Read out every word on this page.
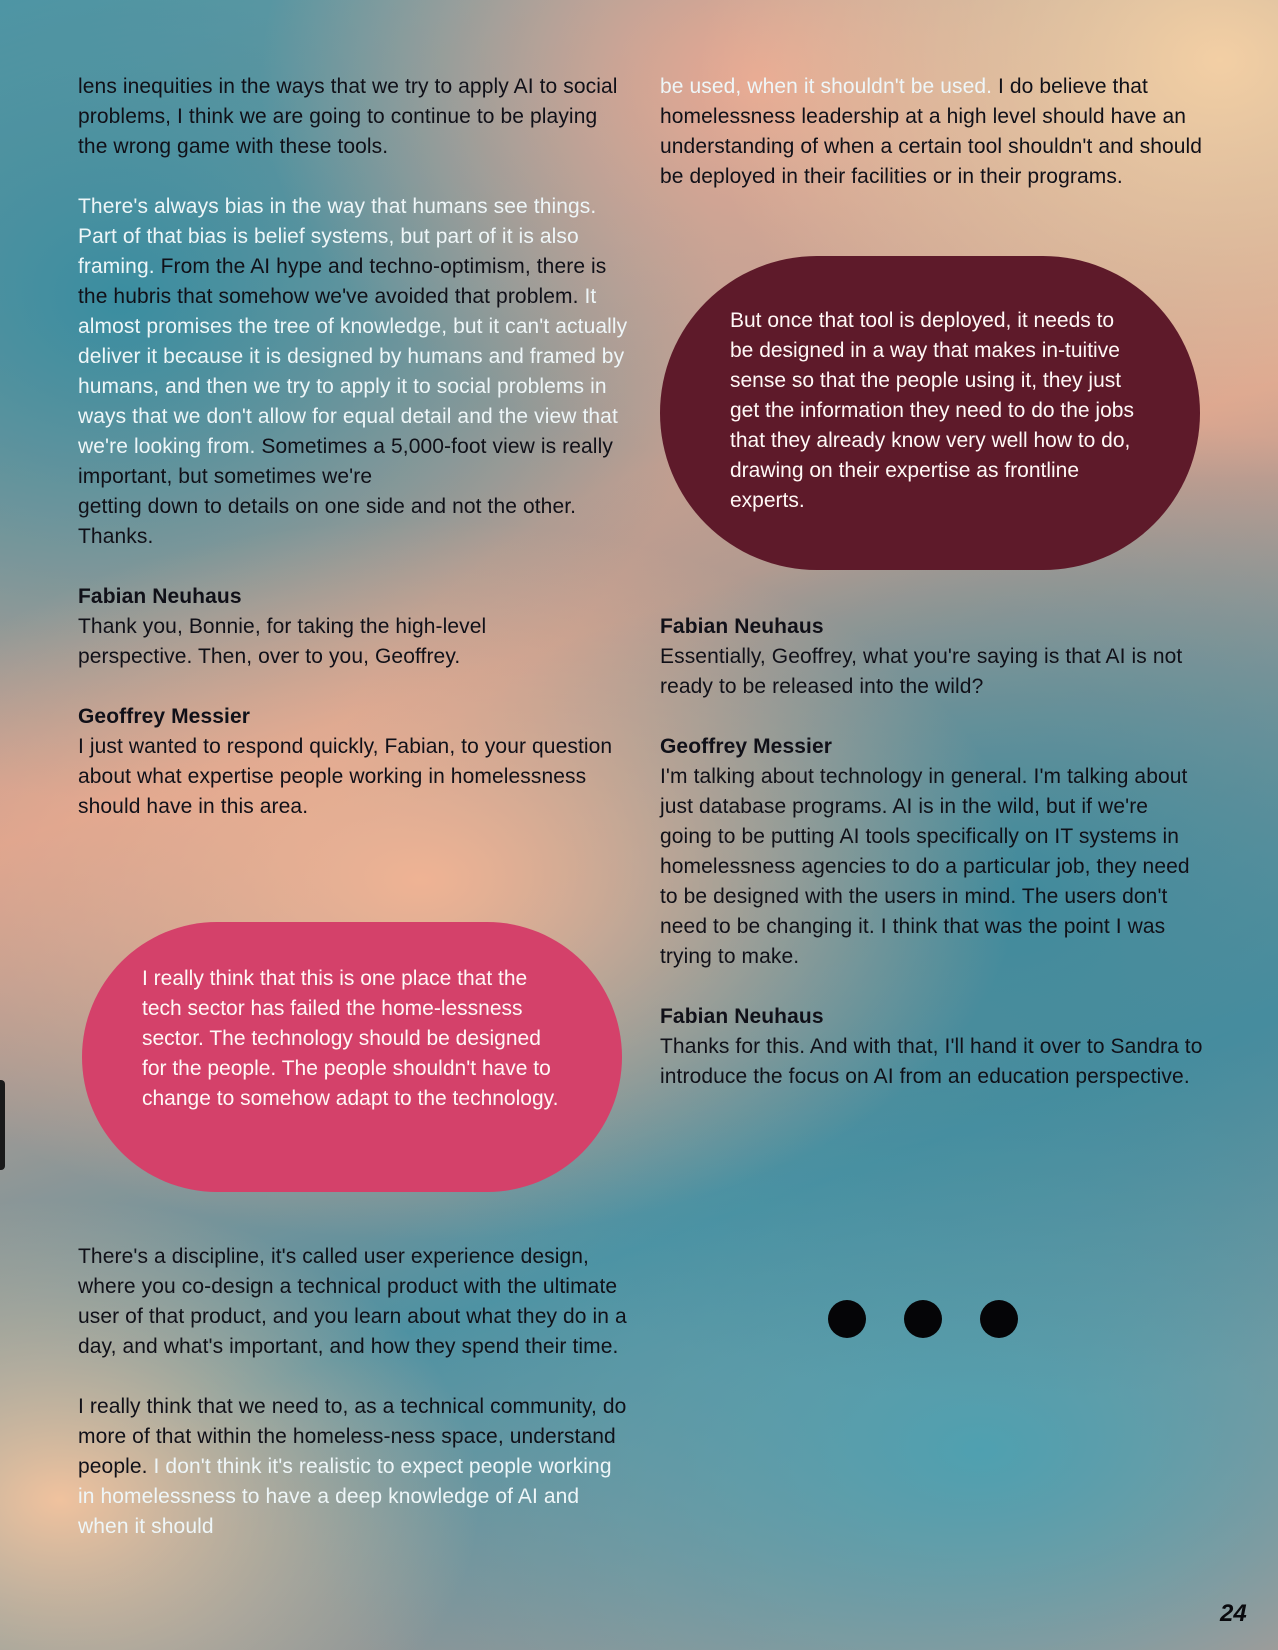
lens inequities in the ways that we try to apply AI to social problems, I think we are going to continue to be playing the wrong game with these tools.

There's always bias in the way that humans see things. Part of that bias is belief systems, but part of it is also framing. From the AI hype and techno-optimism, there is the hubris that somehow we've avoided that problem. It almost promises the tree of knowledge, but it can't actually deliver it because it is designed by humans and framed by humans, and then we try to apply it to social problems in ways that we don't allow for equal detail and the view that we're looking from. Sometimes a 5,000-foot view is really important, but sometimes we're
getting down to details on one side and not the other. Thanks.

Fabian Neuhaus
Thank you, Bonnie, for taking the high-level
perspective. Then, over to you, Geoffrey.

Geoffrey Messier
I just wanted to respond quickly, Fabian, to your question about what expertise people working in homelessness should have in this area.

I really think that this is one place that the tech sector has failed the home-lessness sector. The technology should be designed for the people. The people shouldn't have to change to somehow adapt to the technology.

There's a discipline, it's called user experience design, where you co-design a technical product with the ultimate user of that product, and you learn about what they do in a day, and what's important, and how they spend their time.

I really think that we need to, as a technical community, do more of that within the homeless-ness space, understand people. I don't think it's realistic to expect people working in homelessness to have a deep knowledge of AI and when it should

be used, when it shouldn't be used. I do believe that homelessness leadership at a high level should have an understanding of when a certain tool shouldn't and should be deployed in their facilities or in their programs.

But once that tool is deployed, it needs to be designed in a way that makes in-tuitive sense so that the people using it, they just get the information they need to do the jobs that they already know very well how to do, drawing on their expertise as frontline experts.

Fabian Neuhaus
Essentially, Geoffrey, what you're saying is that AI is not ready to be released into the wild?

Geoffrey Messier
I'm talking about technology in general. I'm talking about just database programs. AI is in the wild, but if we're going to be putting AI tools specifically on IT systems in homelessness agencies to do a particular job, they need to be designed with the users in mind. The users don't need to be changing it. I think that was the point I was trying to make.

Fabian Neuhaus
Thanks for this. And with that, I'll hand it over to Sandra to introduce the focus on AI from an education perspective.

24
